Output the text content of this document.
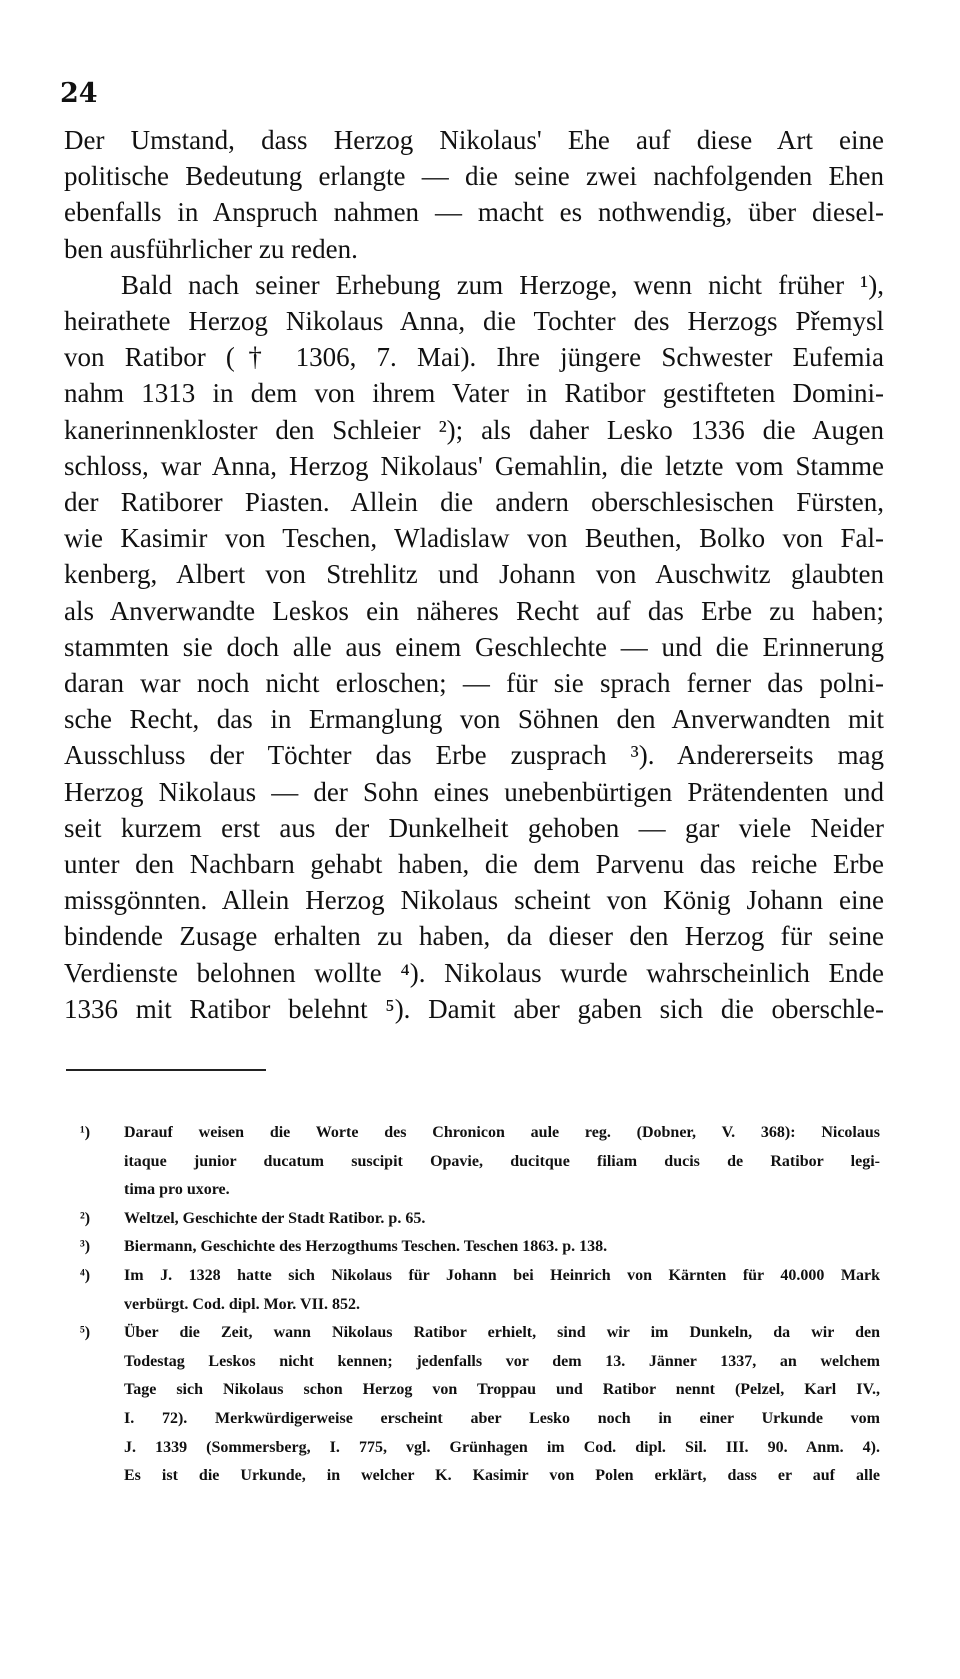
24

Der Umstand, dass Herzog Nikolaus' Ehe auf diese Art eine
politische Bedeutung erlangte — die seine zwei nachfolgenden Ehen
ebenfalls in Anspruch nahmen — macht es nothwendig, über diesel-
ben ausführlicher zu reden.

Bald nach seiner Erhebung zum Herzoge, wenn nicht früher ¹),
heirathete Herzog Nikolaus Anna, die Tochter des Herzogs Přemysl
von Ratibor († 1306, 7. Mai). Ihre jüngere Schwester Eufemia
nahm 1313 in dem von ihrem Vater in Ratibor gestifteten Domini-
kanerinnenkloster den Schleier ²); als daher Lesko 1336 die Augen
schloss, war Anna, Herzog Nikolaus' Gemahlin, die letzte vom Stamme
der Ratiborer Piasten. Allein die andern oberschlesischen Fürsten,
wie Kasimir von Teschen, Wladislaw von Beuthen, Bolko von Fal-
kenberg, Albert von Strehlitz und Johann von Auschwitz glaubten
als Anverwandte Leskos ein näheres Recht auf das Erbe zu haben;
stammten sie doch alle aus einem Geschlechte — und die Erinnerung
daran war noch nicht erloschen; — für sie sprach ferner das polni-
sche Recht, das in Ermanglung von Söhnen den Anverwandten mit
Ausschluss der Töchter das Erbe zusprach ³). Andererseits mag
Herzog Nikolaus — der Sohn eines unebenbürtigen Prätendenten und
seit kurzem erst aus der Dunkelheit gehoben — gar viele Neider
unter den Nachbarn gehabt haben, die dem Parvenu das reiche Erbe
missgönnten. Allein Herzog Nikolaus scheint von König Johann eine
bindende Zusage erhalten zu haben, da dieser den Herzog für seine
Verdienste belohnen wollte ⁴). Nikolaus wurde wahrscheinlich Ende
1336 mit Ratibor belehnt ⁵). Damit aber gaben sich die oberschle-

¹) Darauf weisen die Worte des Chronicon aule reg. (Dobner, V. 368): Nicolaus
itaque junior ducatum suscipit Opavie, ducitque filiam ducis de Ratibor legi-
tima pro uxore.
²) Weltzel, Geschichte der Stadt Ratibor. p. 65.
³) Biermann, Geschichte des Herzogthums Teschen. Teschen 1863. p. 138.
⁴) Im J. 1328 hatte sich Nikolaus für Johann bei Heinrich von Kärnten für 40.000 Mark
verbürgt. Cod. dipl. Mor. VII. 852.
⁵) Über die Zeit, wann Nikolaus Ratibor erhielt, sind wir im Dunkeln, da wir den
Todestag Leskos nicht kennen; jedenfalls vor dem 13. Jänner 1337, an welchem
Tage sich Nikolaus schon Herzog von Troppau und Ratibor nennt (Pelzel, Karl IV.,
I. 72). Merkwürdigerweise erscheint aber Lesko noch in einer Urkunde vom
J. 1339 (Sommersberg, I. 775, vgl. Grünhagen im Cod. dipl. Sil. III. 90. Anm. 4).
Es ist die Urkunde, in welcher K. Kasimir von Polen erklärt, dass er auf alle
